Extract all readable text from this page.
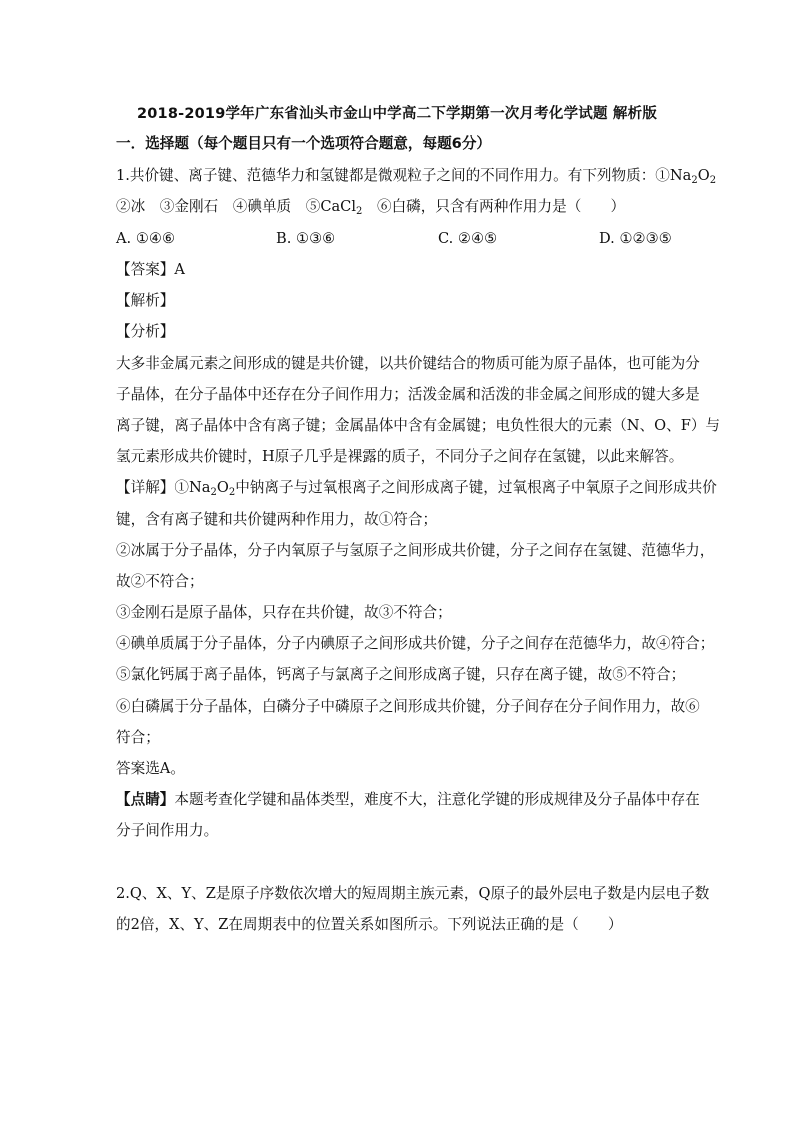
2018-2019学年广东省汕头市金山中学高二下学期第一次月考化学试题 解析版
一．选择题（每个题目只有一个选项符合题意，每题6分）
1.共价键、离子键、范德华力和氢键都是微观粒子之间的不同作用力。有下列物质：$①Na_2O_2$
②冰　③金刚石　④碘单质　⑤CaCl$_2$　⑥白磷，只含有两种作用力是（　　）
A. ①④⑥	B. ①③⑥	C. ②④⑤	D. ①②③⑤
【答案】A
【解析】
【分析】
大多非金属元素之间形成的键是共价键，以共价键结合的物质可能为原子晶体，也可能为分
子晶体，在分子晶体中还存在分子间作用力；活泼金属和活泼的非金属之间形成的键大多是
离子键，离子晶体中含有离子键；金属晶体中含有金属键；电负性很大的元素（N、O、F）与
氢元素形成共价键时，H原子几乎是裸露的质子，不同分子之间存在氢键，以此来解答。
【详解】$①Na_2O_2$中钠离子与过氧根离子之间形成离子键，过氧根离子中氧原子之间形成共价
键，含有离子键和共价键两种作用力，故①符合；
②冰属于分子晶体，分子内氧原子与氢原子之间形成共价键，分子之间存在氢键、范德华力，
故②不符合；
③金刚石是原子晶体，只存在共价键，故③不符合；
④碘单质属于分子晶体，分子内碘原子之间形成共价键，分子之间存在范德华力，故④符合；
⑤氯化钙属于离子晶体，钙离子与氯离子之间形成离子键，只存在离子键，故⑤不符合；
⑥白磷属于分子晶体，白磷分子中磷原子之间形成共价键，分子间存在分子间作用力，故⑥
符合；
答案选A。
【点睛】本题考查化学键和晶体类型，难度不大，注意化学键的形成规律及分子晶体中存在
分子间作用力。
2.Q、X、Y、Z是原子序数依次增大的短周期主族元素，Q原子的最外层电子数是内层电子数
的2倍，X、Y、Z在周期表中的位置关系如图所示。下列说法正确的是（　　）
